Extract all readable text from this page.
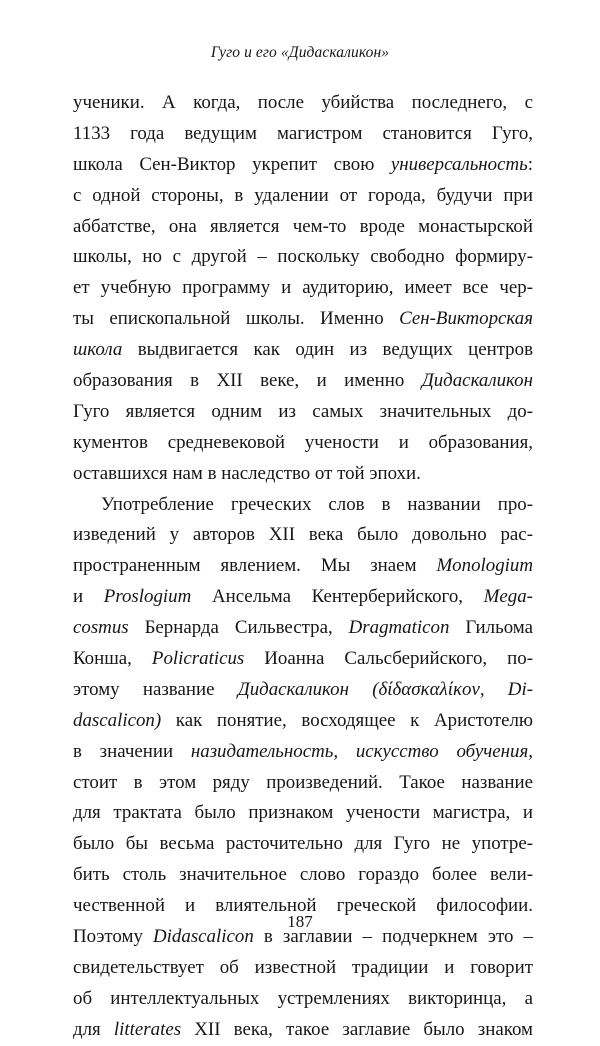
Гуго и его «Дидаскаликон»
ученики. А когда, после убийства последнего, с
1133 года ведущим магистром становится Гуго,
школа Сен-Виктор укрепит свою универсальность:
с одной стороны, в удалении от города, будучи при
аббатстве, она является чем-то вроде монастырской
школы, но с другой – поскольку свободно формиру-
ет учебную программу и аудиторию, имеет все чер-
ты епископальной школы. Именно Сен-Викторская
школа выдвигается как один из ведущих центров
образования в XII веке, и именно Дидаскаликон
Гуго является одним из самых значительных до-
кументов средневековой учености и образования,
оставшихся нам в наследство от той эпохи.
Употребление греческих слов в названии про-
изведений у авторов XII века было довольно рас-
пространенным явлением. Мы знаем Monologium
и Proslogium Ансельма Кентерберийского, Mega-
cosmus Бернарда Сильвестра, Dragmaticon Гильома
Конша, Policraticus Иоанна Сальсберийского, по-
этому название Дидаскаликон (δίδασκαλίκον, Di-
dascalicon) как понятие, восходящее к Аристотелю
в значении назидательность, искусство обучения,
стоит в этом ряду произведений. Такое название
для трактата было признаком учености магистра, и
было бы весьма расточительно для Гуго не употре-
бить столь значительное слово гораздо более вели-
чественной и влиятельной греческой философии.
Поэтому Didascalicon в заглавии – подчеркнем это –
свидетельствует об известной традиции и говорит
об интеллектуальных устремлениях викторинца, а
для litterates XII века, такое заглавие было знаком
187
